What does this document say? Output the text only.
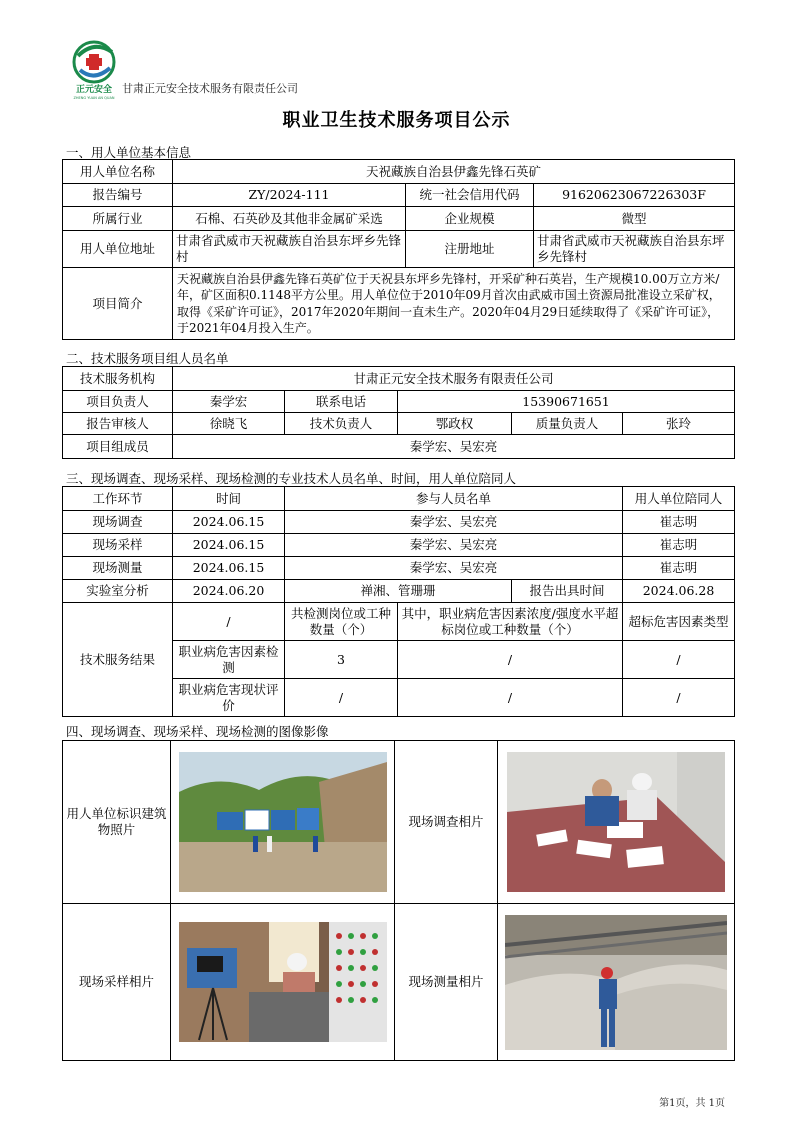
正元安全
ZHENG YUAN AN QUAN
甘肃正元安全技术服务有限责任公司
职业卫生技术服务项目公示
一、用人单位基本信息
用人单位名称	天祝藏族自治县伊鑫先锋石英矿		
报告编号	ZY/2024-111	统一社会信用代码	91620623067226303F
所属行业	石棉、石英砂及其他非金属矿采选	企业规模	微型
用人单位地址	甘肃省武威市天祝藏族自治县东坪乡先锋村	注册地址	甘肃省武威市天祝藏族自治县东坪乡先锋村
项目简介	天祝藏族自治县伊鑫先锋石英矿位于天祝县东坪乡先锋村，开采矿种石英岩，生产规模10.00万立方米/年，矿区面积0.1148平方公里。用人单位位于2010年09月首次由武威市国土资源局批准设立采矿权，取得《采矿许可证》，2017年2020年期间一直未生产。2020年04月29日延续取得了《采矿许可证》，于2021年04月投入生产。		
二、技术服务项目组人员名单
技术服务机构	甘肃正元安全技术服务有限责任公司				
项目负责人	秦学宏	联系电话	15390671651		
报告审核人	徐晓飞	技术负责人	鄂政权	质量负责人	张玲
项目组成员	秦学宏、吴宏亮				
三、现场调查、现场采样、现场检测的专业技术人员名单、时间，用人单位陪同人
工作环节	时间	参与人员名单			用人单位陪同人
现场调查	2024.06.15	秦学宏、吴宏亮			崔志明
现场采样	2024.06.15	秦学宏、吴宏亮			崔志明
现场测量	2024.06.15	秦学宏、吴宏亮			崔志明
实验室分析	2024.06.20	禅湘、管珊珊		报告出具时间	2024.06.28
技术服务结果	/	共检测岗位或工种数量（个）	其中，职业病危害因素浓度/强度水平超标岗位或工种数量（个）		超标危害因素类型
	职业病危害因素检测	3	/		/
	职业病危害现状评价	/	/		/
四、现场调查、现场采样、现场检测的图像影像
用人单位标识建筑物照片		现场调查相片	

现场采样相片		现场测量相片	
第1页，共 1页
